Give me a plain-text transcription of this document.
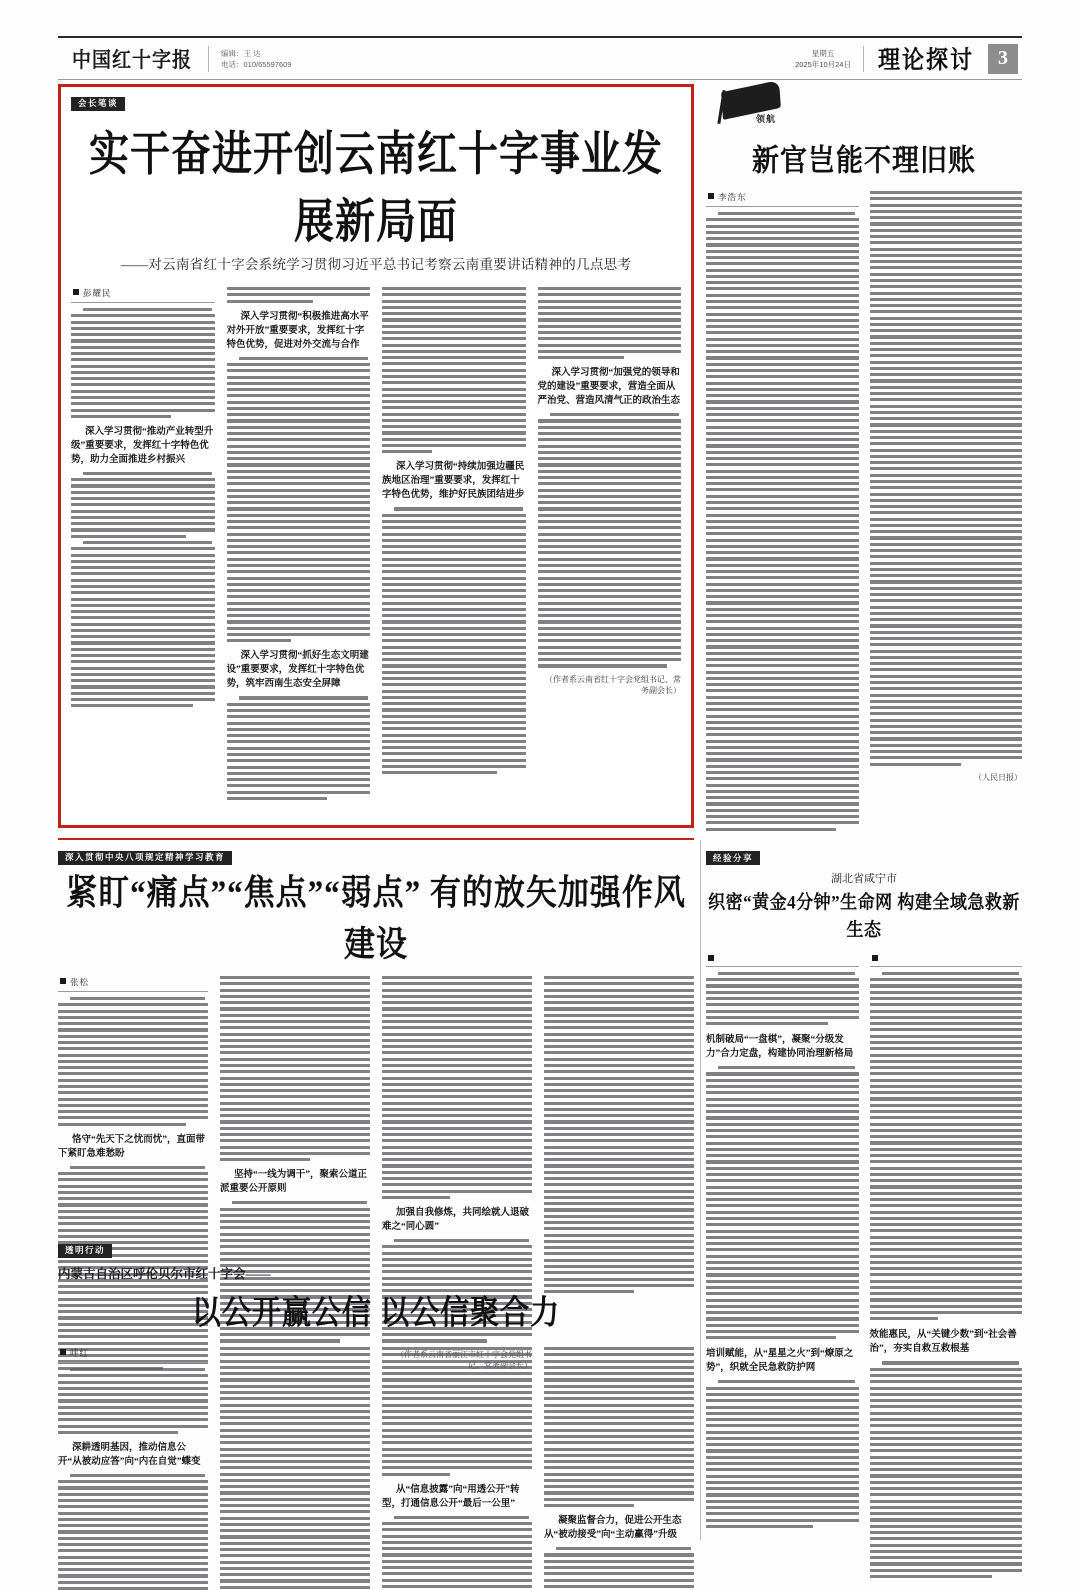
中国红十字报	编辑：王 达
电话：010/65597609
星期五
2025年10月24日	理论探讨	3
会长笔谈
实干奋进开创云南红十字事业发展新局面
——对云南省红十字会系统学习贯彻习近平总书记考察云南重要讲话精神的几点思考
彭耀民
深入学习贯彻“推动产业转型升级”重要要求，发挥红十字特色优势，助力全面推进乡村振兴
深入学习贯彻“积极推进高水平对外开放”重要要求，发挥红十字特色优势，促进对外交流与合作
深入学习贯彻“抓好生态文明建设”重要要求，发挥红十字特色优势，筑牢西南生态安全屏障
深入学习贯彻“持续加强边疆民族地区治理”重要要求，发挥红十字特色优势，维护好民族团结进步
深入学习贯彻“加强党的领导和党的建设”重要要求，营造全面从严治党、营造风清气正的政治生态
（作者系云南省红十字会党组书记、常务副会长）
领航
新官岂能不理旧账
李浩东
（人民日报）
经验分享
湖北省咸宁市
织密“黄金4分钟”生命网 构建全域急救新生态

机制破局“一盘棋”，凝聚“分级发力”合力定盘，构建协同治理新格局
培训赋能，从“星星之火”到“燎原之势”，织就全民急救防护网

效能惠民，从“关键少数”到“社会善治”，夯实自救互救根基
深入贯彻中央八项规定精神学习教育
紧盯“痛点”“焦点”“弱点” 有的放矢加强作风建设
张松
恪守“先天下之忧而忧”，直面带下紧盯急难愁盼
坚持“一线为调干”，聚索公道正派重要公开原则
加强自我修炼，共同绘就人退破难之“同心圆”
透明行动
内蒙古自治区呼伦贝尔市红十字会——
以公开赢公信 以公信聚合力
呼红
深耕透明基因，推动信息公开“从被动应答”向“内在自觉”蝶变
从“信息披露”向“用透公开”转型，打通信息公开“最后一公里”
凝聚监督合力，促进公开生态从“被动接受”向“主动赢得”升级
